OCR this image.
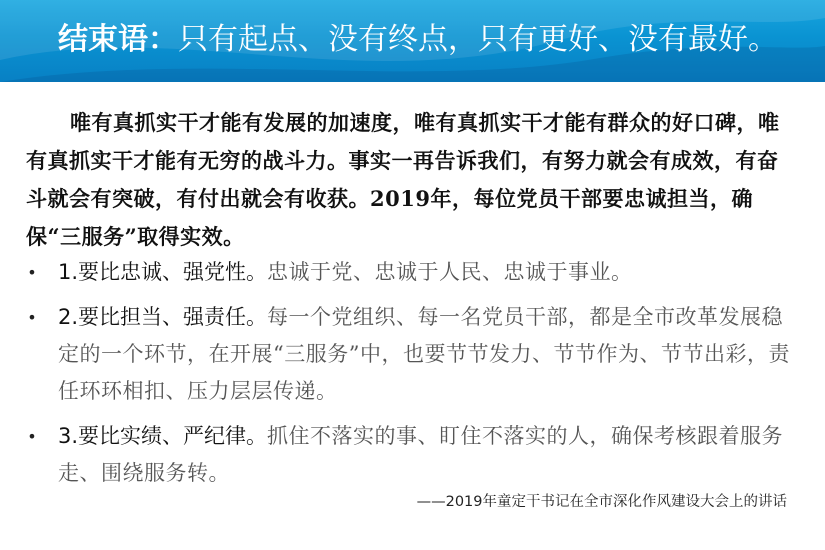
结束语：只有起点、没有终点，只有更好、没有最好。

唯有真抓实干才能有发展的加速度，唯有真抓实干才能有群众的好口碑，唯有真抓实干才能有无穷的战斗力。事实一再告诉我们，有努力就会有成效，有奋斗就会有突破，有付出就会有收获。2019年，每位党员干部要忠诚担当，确保“三服务”取得实效。

• 1.要比忠诚、强党性。忠诚于党、忠诚于人民、忠诚于事业。
• 2.要比担当、强责任。每一个党组织、每一名党员干部，都是全市改革发展稳定的一个环节，在开展“三服务”中，也要节节发力、节节作为、节节出彩，责任环环相扣、压力层层传递。
• 3.要比实绩、严纪律。抓住不落实的事、盯住不落实的人，确保考核跟着服务走、围绕服务转。
——2019年童定干书记在全市深化作风建设大会上的讲话
